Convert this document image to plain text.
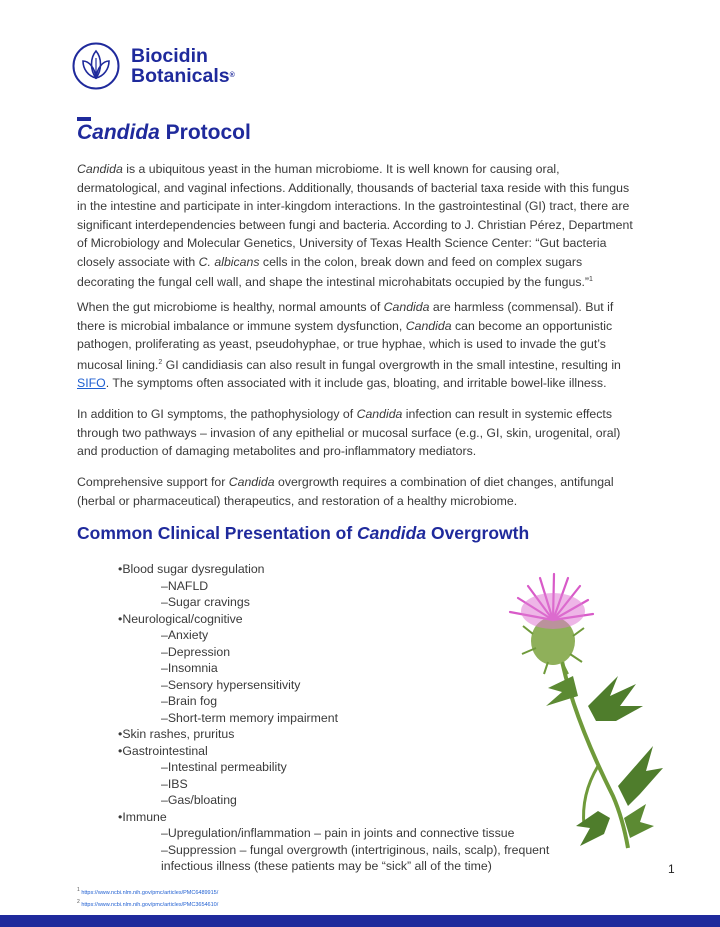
Biocidin
Botanicals®
Candida Protocol

Candida is a ubiquitous yeast in the human microbiome. It is well known for causing oral, dermatological, and vaginal infections. Additionally, thousands of bacterial taxa reside with this fungus in the intestine and participate in inter-kingdom interactions. In the gastrointestinal (GI) tract, there are significant interdependencies between fungi and bacteria. According to J. Christian Pérez, Department of Microbiology and Molecular Genetics, University of Texas Health Science Center: “Gut bacteria closely associate with C. albicans cells in the colon, break down and feed on complex sugars decorating the fungal cell wall, and shape the intestinal microhabitats occupied by the fungus.”$^1$

When the gut microbiome is healthy, normal amounts of Candida are harmless (commensal). But if there is microbial imbalance or immune system dysfunction, Candida can become an opportunistic pathogen, proliferating as yeast, pseudohyphae, or true hyphae, which is used to invade the gut’s mucosal lining.$^2$ GI candidiasis can also result in fungal overgrowth in the small intestine, resulting in SIFO. The symptoms often associated with it include gas, bloating, and irritable bowel-like illness.

In addition to GI symptoms, the pathophysiology of Candida infection can result in systemic effects through two pathways – invasion of any epithelial or mucosal surface (e.g., GI, skin, urogenital, oral) and production of damaging metabolites and pro-inflammatory mediators.

Comprehensive support for Candida overgrowth requires a combination of diet changes, antifungal (herbal or pharmaceutical) therapeutics, and restoration of a healthy microbiome.

Common Clinical Presentation of Candida Overgrowth
• Blood sugar dysregulation
– NAFLD
– Sugar cravings
• Neurological/cognitive
– Anxiety
– Depression
– Insomnia
– Sensory hypersensitivity
– Brain fog
– Short-term memory impairment
• Skin rashes, pruritus
• Gastrointestinal
– Intestinal permeability
– IBS
– Gas/bloating
• Immune
– Upregulation/inflammation – pain in joints and connective tissue
– Suppression – fungal overgrowth (intertriginous, nails, scalp), frequent
infectious illness (these patients may be “sick” all of the time)	1
$^1$ https://www.ncbi.nlm.nih.gov/pmc/articles/PMC6489915/
$^2$ https://www.ncbi.nlm.nih.gov/pmc/articles/PMC3654610/
